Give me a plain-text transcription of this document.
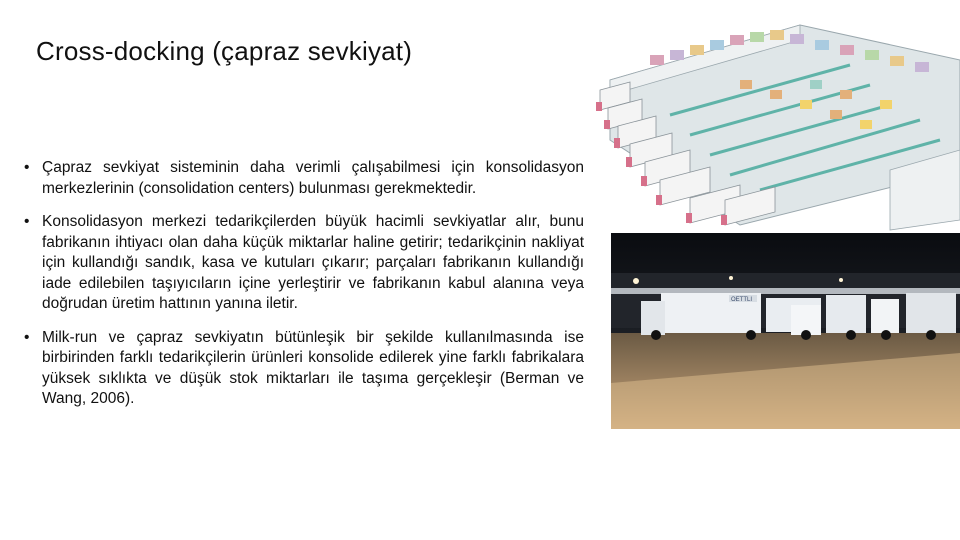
Cross-docking (çapraz sevkiyat)
• Çapraz sevkiyat sisteminin daha verimli çalışabilmesi için konsolidasyon merkezlerinin (consolidation centers) bulunması gerekmektedir.
• Konsolidasyon merkezi tedarikçilerden büyük hacimli sevkiyatlar alır, bunu fabrikanın ihtiyacı olan daha küçük miktarlar haline getirir; tedarikçinin nakliyat için kullandığı sandık, kasa ve kutuları çıkarır; parçaları fabrikanın kullandığı iade edilebilen taşıyıcıların içine yerleştirir ve fabrikanın kabul alanına veya doğrudan üretim hattının yanına iletir.
• Milk-run ve çapraz sevkiyatın bütünleşik bir şekilde kullanılmasında ise birbirinden farklı tedarikçilerin ürünleri konsolide edilerek yine farklı fabrikalara yüksek sıklıkta ve düşük stok miktarları ile taşıma gerçekleşir (Berman ve Wang, 2006).
OETTLI
